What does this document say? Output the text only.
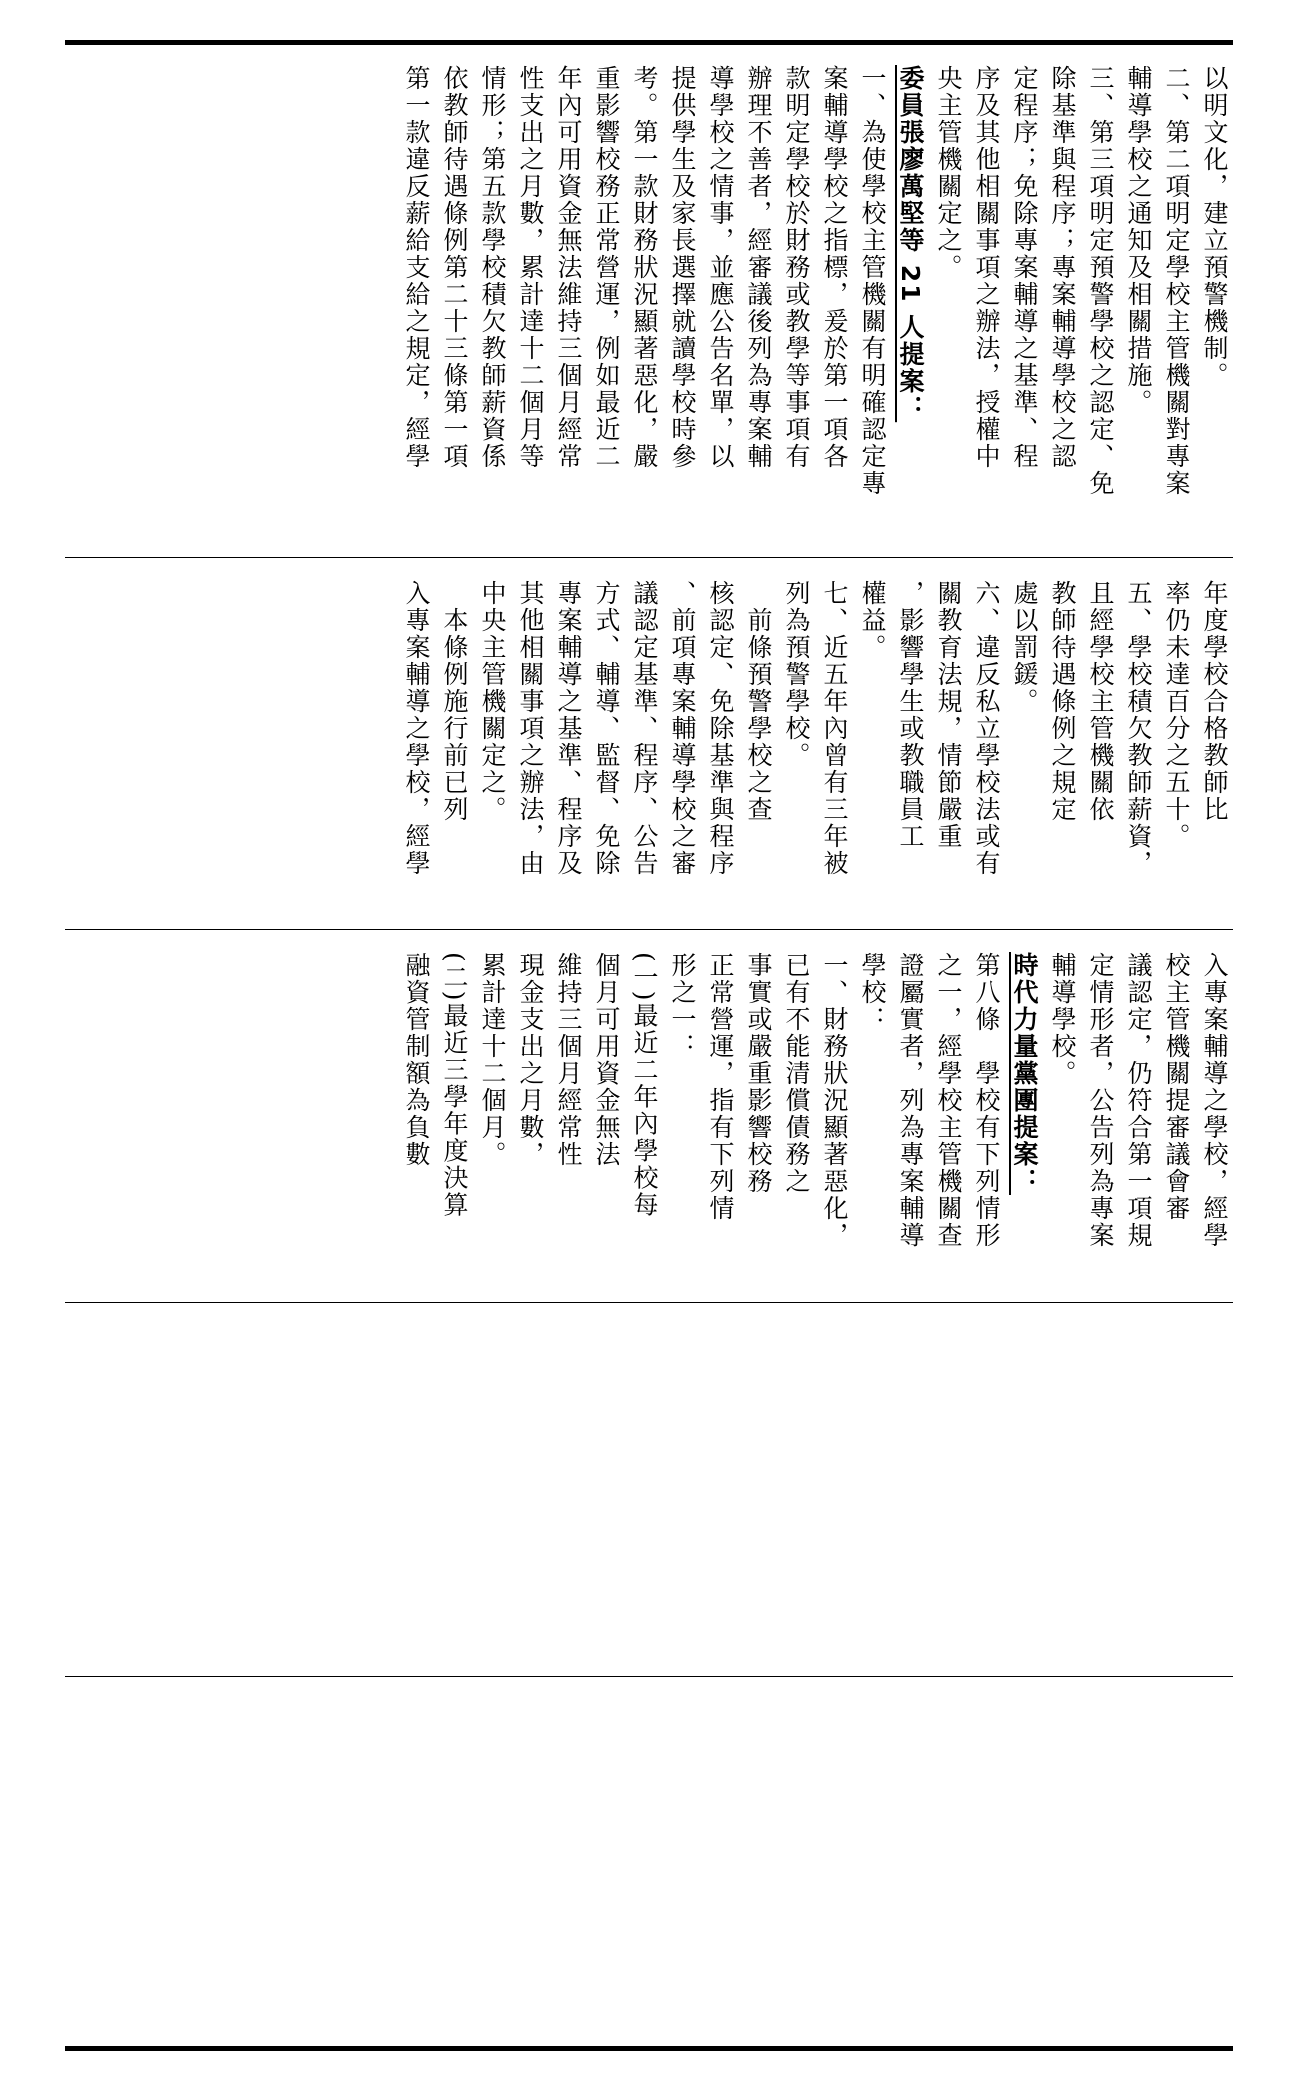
以明文化，建立預警機制。
二、第二項明定學校主管機關對專案
輔導學校之通知及相關措施。
三、第三項明定預警學校之認定、免
除基準與程序；專案輔導學校之認
定程序；免除專案輔導之基準、程
序及其他相關事項之辦法，授權中
央主管機關定之。
委員張廖萬堅等 21 人提案：
一、為使學校主管機關有明確認定專
案輔導學校之指標，爰於第一項各
款明定學校於財務或教學等事項有
辦理不善者，經審議後列為專案輔
導學校之情事，並應公告名單，以
提供學生及家長選擇就讀學校時參
考。第一款財務狀況顯著惡化，嚴
重影響校務正常營運，例如最近二
年內可用資金無法維持三個月經常
性支出之月數，累計達十二個月等
情形；第五款學校積欠教師薪資係
依教師待遇條例第二十三條第一項
第一款違反薪給支給之規定，經學
年度學校合格教師比
率仍未達百分之五十。
五、學校積欠教師薪資，
且經學校主管機關依
教師待遇條例之規定
處以罰鍰。
六、違反私立學校法或有
關教育法規，情節嚴重
，影響學生或教職員工
權益。
七、近五年內曾有三年被
列為預警學校。
　前條預警學校之查
核認定、免除基準與程序
、前項專案輔導學校之審
議認定基準、程序、公告
方式、輔導、監督、免除
專案輔導之基準、程序及
其他相關事項之辦法，由
中央主管機關定之。
　本條例施行前已列
入專案輔導之學校，經學
入專案輔導之學校，經學
校主管機關提審議會審
議認定，仍符合第一項規
定情形者，公告列為專案
輔導學校。
時代力量黨團提案：
第八條　學校有下列情形
之一，經學校主管機關查
證屬實者，列為專案輔導
學校：
一、財務狀況顯著惡化，
已有不能清償債務之
事實或嚴重影響校務
正常營運，指有下列情
形之一：
(一)最近二年內學校每
個月可用資金無法
維持三個月經常性
現金支出之月數，
累計達十二個月。
(二)最近三學年度決算
融資管制額為負數
